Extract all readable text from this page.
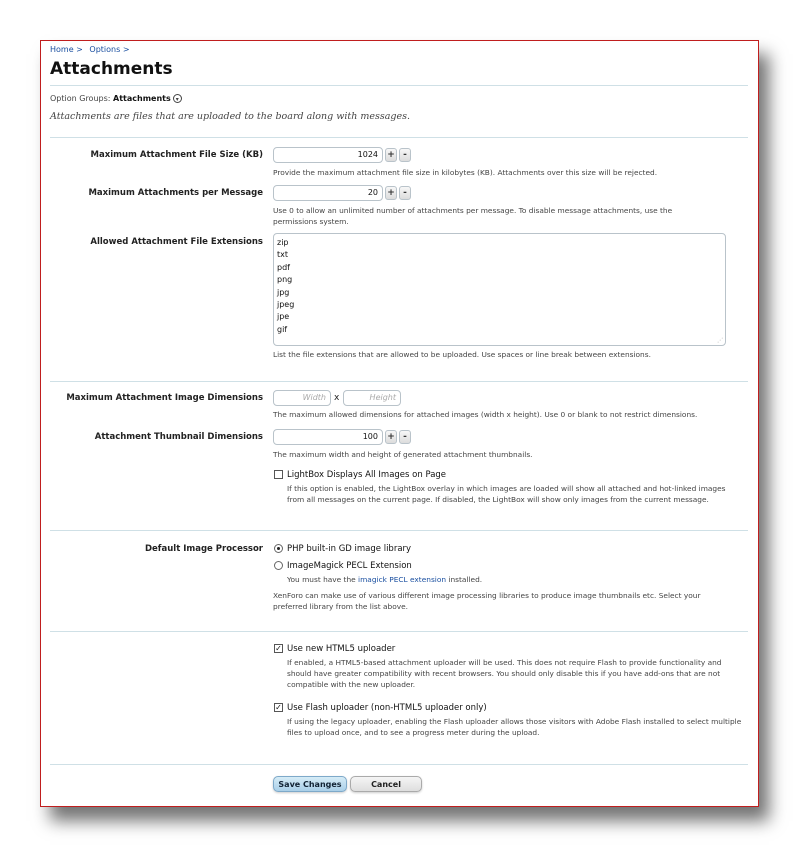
Home > Options >
Attachments
Option Groups: Attachments ▾
Attachments are files that are uploaded to the board along with messages.
Maximum Attachment File Size (KB)	1024	+ -
Provide the maximum attachment file size in kilobytes (KB). Attachments over this size will be rejected.
Maximum Attachments per Message	20	+ -
Use 0 to allow an unlimited number of attachments per message. To disable message attachments, use the permissions system.
Allowed Attachment File Extensions zip
txt
pdf
png
jpg
jpeg
jpe
gif
⋰
List the file extensions that are allowed to be uploaded. Use spaces or line break between extensions.
Maximum Attachment Image Dimensions	Width x	Height
The maximum allowed dimensions for attached images (width x height). Use 0 or blank to not restrict dimensions.
Attachment Thumbnail Dimensions	100	+ -
The maximum width and height of generated attachment thumbnails.
LightBox Displays All Images on Page
If this option is enabled, the LightBox overlay in which images are loaded will show all attached and hot-linked images
from all messages on the current page. If disabled, the LightBox will show only images from the current message.
Default Image Processor	PHP built-in GD image library
ImageMagick PECL Extension
You must have the imagick PECL extension installed.
XenForo can make use of various different image processing libraries to produce image thumbnails etc. Select your
preferred library from the list above.
✓ Use new HTML5 uploader
If enabled, a HTML5-based attachment uploader will be used. This does not require Flash to provide functionality and
should have greater compatibility with recent browsers. You should only disable this if you have add-ons that are not
compatible with the new uploader.
✓ Use Flash uploader (non-HTML5 uploader only)
If using the legacy uploader, enabling the Flash uploader allows those visitors with Adobe Flash installed to select multiple
files to upload once, and to see a progress meter during the upload.
Save Changes	Cancel
